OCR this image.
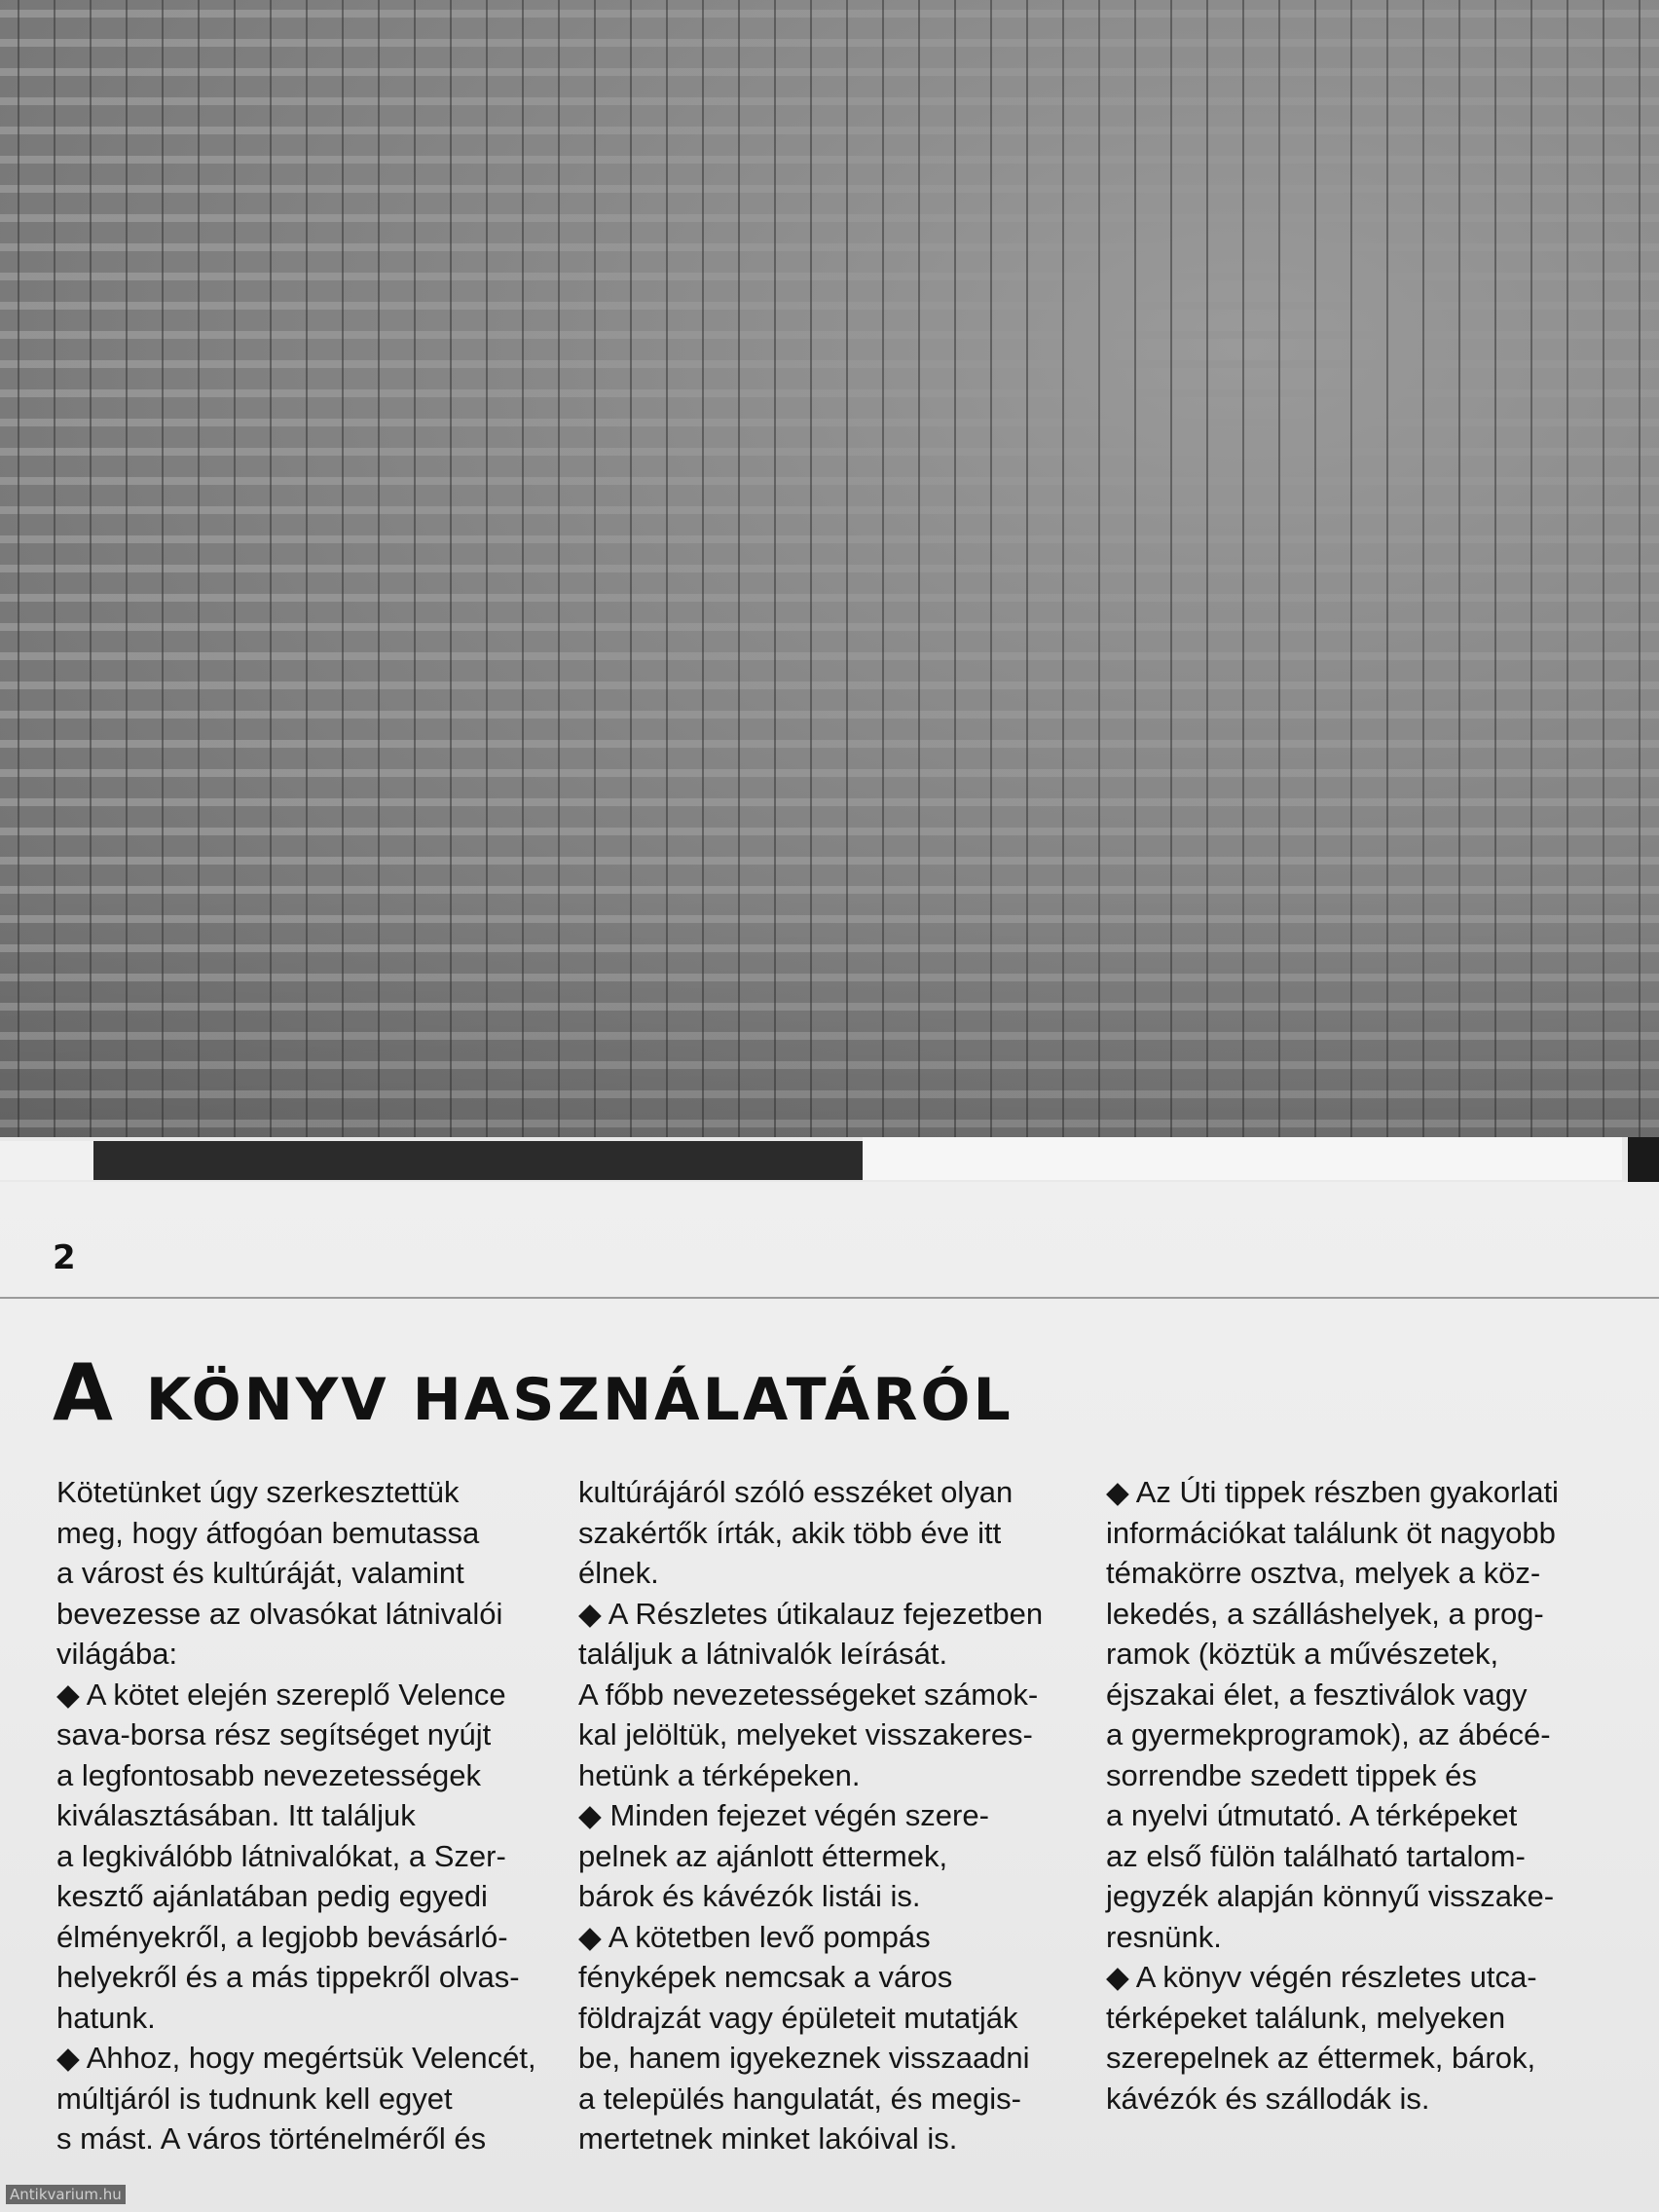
2
A KÖNYV HASZNÁLATÁRÓL
Kötetünket úgy szerkesztettük
meg, hogy átfogóan bemutassa
a várost és kultúráját, valamint
bevezesse az olvasókat látnivalói
világába:
◆ A kötet elején szereplő Velence
sava-borsa rész segítséget nyújt
a legfontosabb nevezetességek
kiválasztásában. Itt találjuk
a legkiválóbb látnivalókat, a Szer-
kesztő ajánlatában pedig egyedi
élményekről, a legjobb bevásárló-
helyekről és a más tippekről olvas-
hatunk.
◆ Ahhoz, hogy megértsük Velencét,
múltjáról is tudnunk kell egyet
s mást. A város történelméről és
kultúrájáról szóló esszéket olyan
szakértők írták, akik több éve itt
élnek.
◆ A Részletes útikalauz fejezetben
találjuk a látnivalók leírását.
A főbb nevezetességeket számok-
kal jelöltük, melyeket visszakeres-
hetünk a térképeken.
◆ Minden fejezet végén szere-
pelnek az ajánlott éttermek,
bárok és kávézók listái is.
◆ A kötetben levő pompás
fényképek nemcsak a város
földrajzát vagy épületeit mutatják
be, hanem igyekeznek visszaadni
a település hangulatát, és megis-
mertetnek minket lakóival is.
◆ Az Úti tippek részben gyakorlati
információkat találunk öt nagyobb
témakörre osztva, melyek a köz-
lekedés, a szálláshelyek, a prog-
ramok (köztük a művészetek,
éjszakai élet, a fesztiválok vagy
a gyermekprogramok), az ábécé-
sorrendbe szedett tippek és
a nyelvi útmutató. A térképeket
az első fülön található tartalom-
jegyzék alapján könnyű visszake-
resnünk.
◆ A könyv végén részletes utca-
térképeket találunk, melyeken
szerepelnek az éttermek, bárok,
kávézók és szállodák is.
Antikvarium.hu
